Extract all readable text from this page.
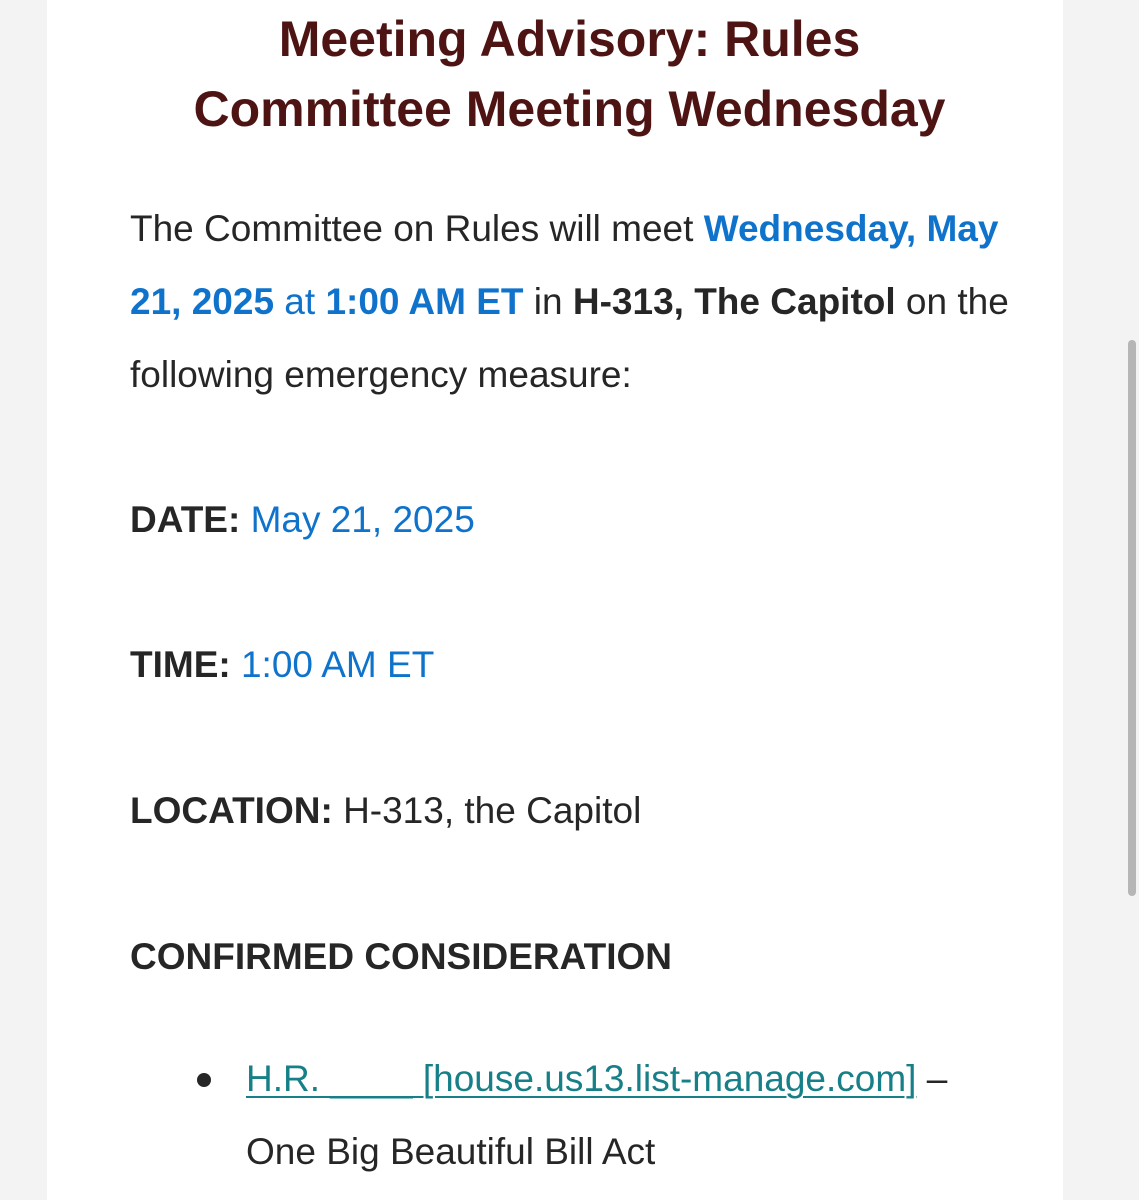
Meeting Advisory: Rules
Committee Meeting Wednesday

The Committee on Rules will meet Wednesday, May 21, 2025 at 1:00 AM ET in H-313, The Capitol on the following emergency measure:

DATE: May 21, 2025

TIME: 1:00 AM ET

LOCATION: H-313, the Capitol

CONFIRMED CONSIDERATION
H.R. ____ [house.us13.list-manage.com] – One Big Beautiful Bill Act
